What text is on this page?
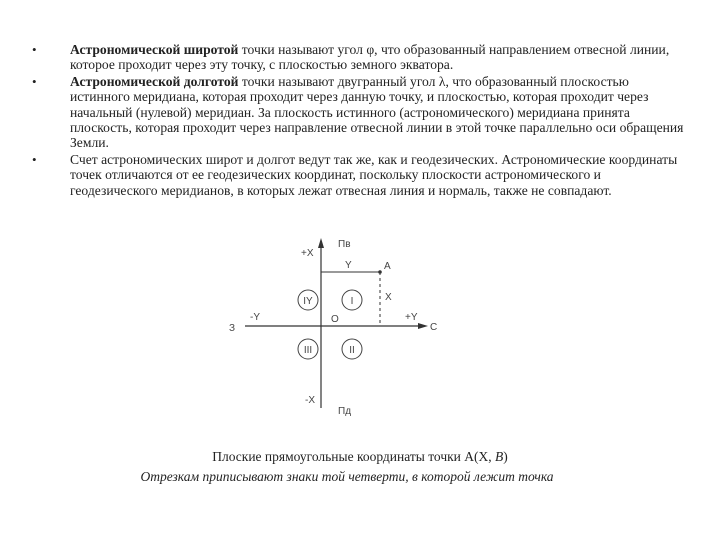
• Астрономической широтой точки называют угол φ, что образованный направлением отвесной линии, которое проходит через эту точку, с плоскостью земного экватора.
• Астрономической долготой точки называют двугранный угол λ, что образованный плоскостью истинного меридиана, которая проходит через данную точку, и плоскостью, которая проходит через начальный (нулевой) меридиан. За плоскость истинного (астрономического) меридиана принята плоскость, которая проходит через направление отвесной линии в этой точке параллельно оси обращения Земли.
• Счет астрономических широт и долгот ведут так же, как и геодезических. Астрономические координаты точек отличаются от ее геодезических координат, поскольку плоскости астрономического и геодезического меридианов, в которых лежат отвесная линия и нормаль, также не совпадают.
I
II
III
IY
Пв
Пд
С
З
+X
-X
+Y
-Y	O
A
Y
X

Плоские прямоугольные координаты точки А(Х, В)

Отрезкам приписывают знаки той четверти, в которой лежит точка
